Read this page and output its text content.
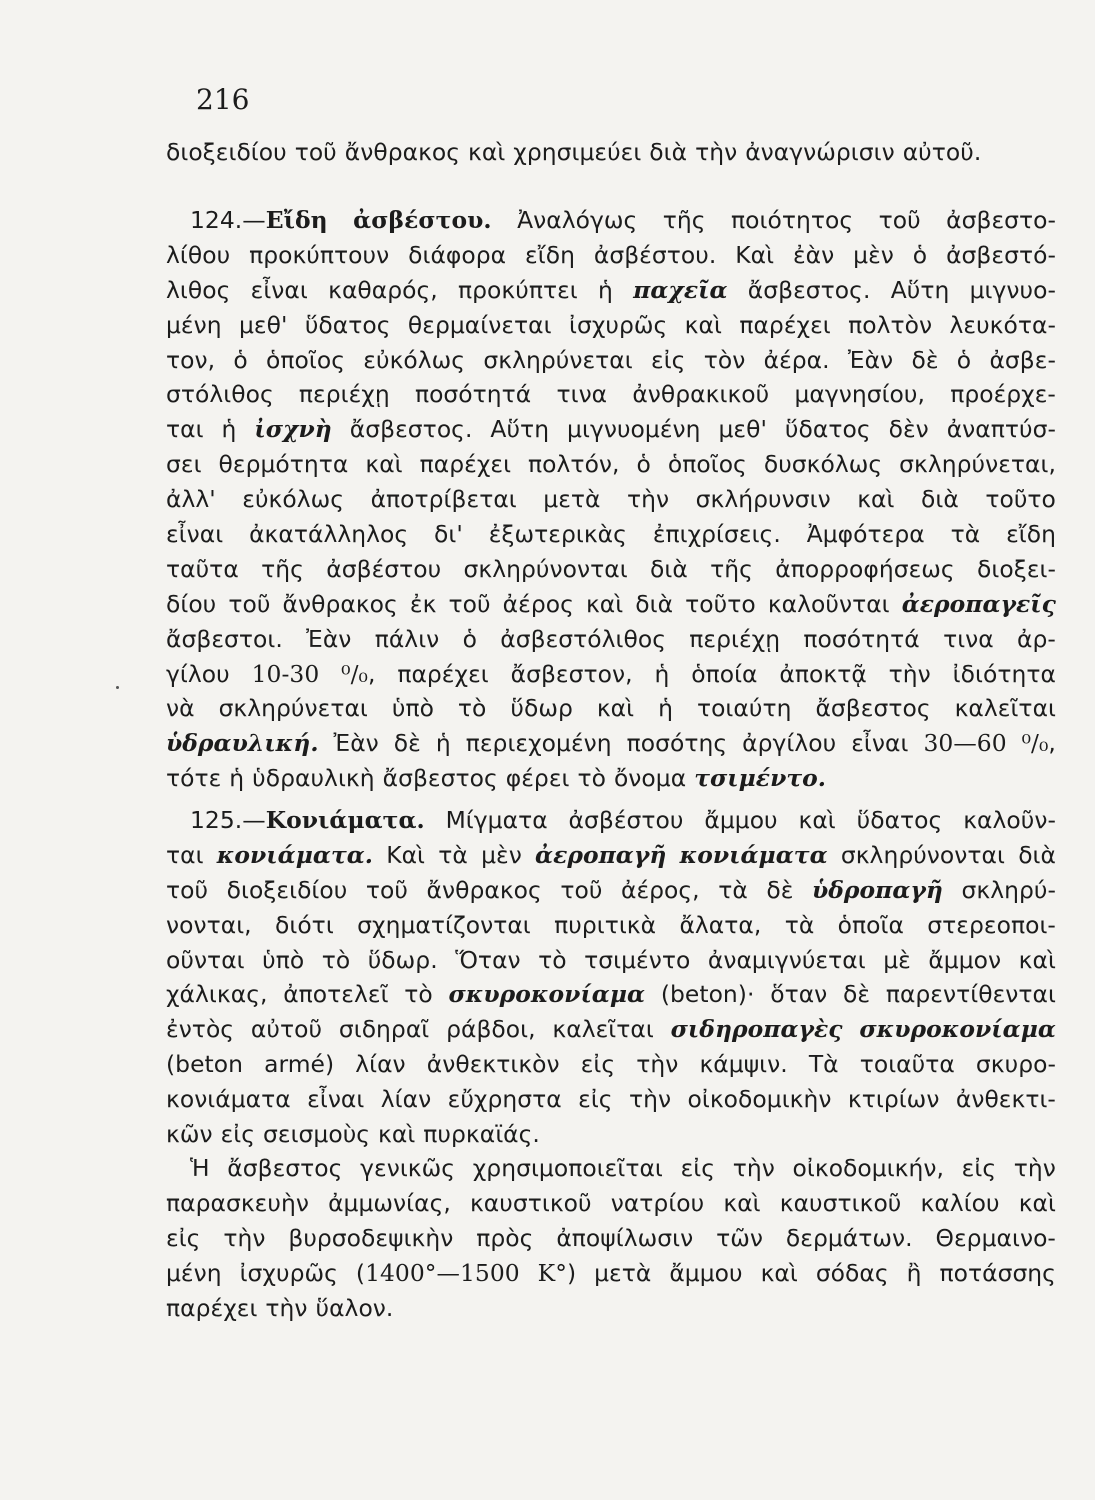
216
διοξειδίου τοῦ ἄνθρακος καὶ χρησιμεύει διὰ τὴν ἀναγνώρισιν αὐτοῦ.
124.—Εἴδη ἀσβέστου. Ἀναλόγως τῆς ποιότητος τοῦ ἀσβεστο-
λίθου προκύπτουν διάφορα εἴδη ἀσβέστου. Καὶ ἐὰν μὲν ὁ ἀσβεστό-
λιθος εἶναι καθαρός, προκύπτει ἡ παχεῖα ἄσβεστος. Αὕτη μιγνυο-
μένη μεθ' ὕδατος θερμαίνεται ἰσχυρῶς καὶ παρέχει πολτὸν λευκότα-
τον, ὁ ὁποῖος εὐκόλως σκληρύνεται εἰς τὸν ἀέρα. Ἐὰν δὲ ὁ ἀσβε-
στόλιθος περιέχῃ ποσότητά τινα ἀνθρακικοῦ μαγνησίου, προέρχε-
ται ἡ ἰσχνὴ ἄσβεστος. Αὕτη μιγνυομένη μεθ' ὕδατος δὲν ἀναπτύσ-
σει θερμότητα καὶ παρέχει πολτόν, ὁ ὁποῖος δυσκόλως σκληρύνεται,
ἀλλ' εὐκόλως ἀποτρίβεται μετὰ τὴν σκλήρυνσιν καὶ διὰ τοῦτο
εἶναι ἀκατάλληλος δι' ἐξωτερικὰς ἐπιχρίσεις. Ἀμφότερα τὰ εἴδη
ταῦτα τῆς ἀσβέστου σκληρύνονται διὰ τῆς ἀπορροφήσεως διοξει-
δίου τοῦ ἄνθρακος ἐκ τοῦ ἀέρος καὶ διὰ τοῦτο καλοῦνται ἀεροπαγεῖς
ἄσβεστοι. Ἐὰν πάλιν ὁ ἀσβεστόλιθος περιέχῃ ποσότητά τινα ἀρ-
γίλου 10-30 ⁰/₀, παρέχει ἄσβεστον, ἡ ὁποία ἀποκτᾷ τὴν ἰδιότητα
νὰ σκληρύνεται ὑπὸ τὸ ὕδωρ καὶ ἡ τοιαύτη ἄσβεστος καλεῖται
ὑδραυλική. Ἐὰν δὲ ἡ περιεχομένη ποσότης ἀργίλου εἶναι 30—60 ⁰/₀,
τότε ἡ ὑδραυλικὴ ἄσβεστος φέρει τὸ ὄνομα τσιμέντο.
125.—Κονιάματα. Μίγματα ἀσβέστου ἄμμου καὶ ὕδατος καλοῦν-
ται κονιάματα. Καὶ τὰ μὲν ἀεροπαγῆ κονιάματα σκληρύνονται διὰ
τοῦ διοξειδίου τοῦ ἄνθρακος τοῦ ἀέρος, τὰ δὲ ὑδροπαγῆ σκληρύ-
νονται, διότι σχηματίζονται πυριτικὰ ἄλατα, τὰ ὁποῖα στερεοποι-
οῦνται ὑπὸ τὸ ὕδωρ. Ὅταν τὸ τσιμέντο ἀναμιγνύεται μὲ ἄμμον καὶ
χάλικας, ἀποτελεῖ τὸ σκυροκονίαμα (beton)· ὅταν δὲ παρεντίθενται
ἐντὸς αὐτοῦ σιδηραῖ ράβδοι, καλεῖται σιδηροπαγὲς σκυροκονίαμα
(beton armé) λίαν ἀνθεκτικὸν εἰς τὴν κάμψιν. Τὰ τοιαῦτα σκυρο-
κονιάματα εἶναι λίαν εὔχρηστα εἰς τὴν οἰκοδομικὴν κτιρίων ἀνθεκτι-
κῶν εἰς σεισμοὺς καὶ πυρκαϊάς.
Ἡ ἄσβεστος γενικῶς χρησιμοποιεῖται εἰς τὴν οἰκοδομικήν, εἰς τὴν
παρασκευὴν ἀμμωνίας, καυστικοῦ νατρίου καὶ καυστικοῦ καλίου καὶ
εἰς τὴν βυρσοδεψικὴν πρὸς ἀποψίλωσιν τῶν δερμάτων. Θερμαινο-
μένη ἰσχυρῶς (1400°—1500 K°) μετὰ ἄμμου καὶ σόδας ἢ ποτάσσης
παρέχει τὴν ὕαλον.
